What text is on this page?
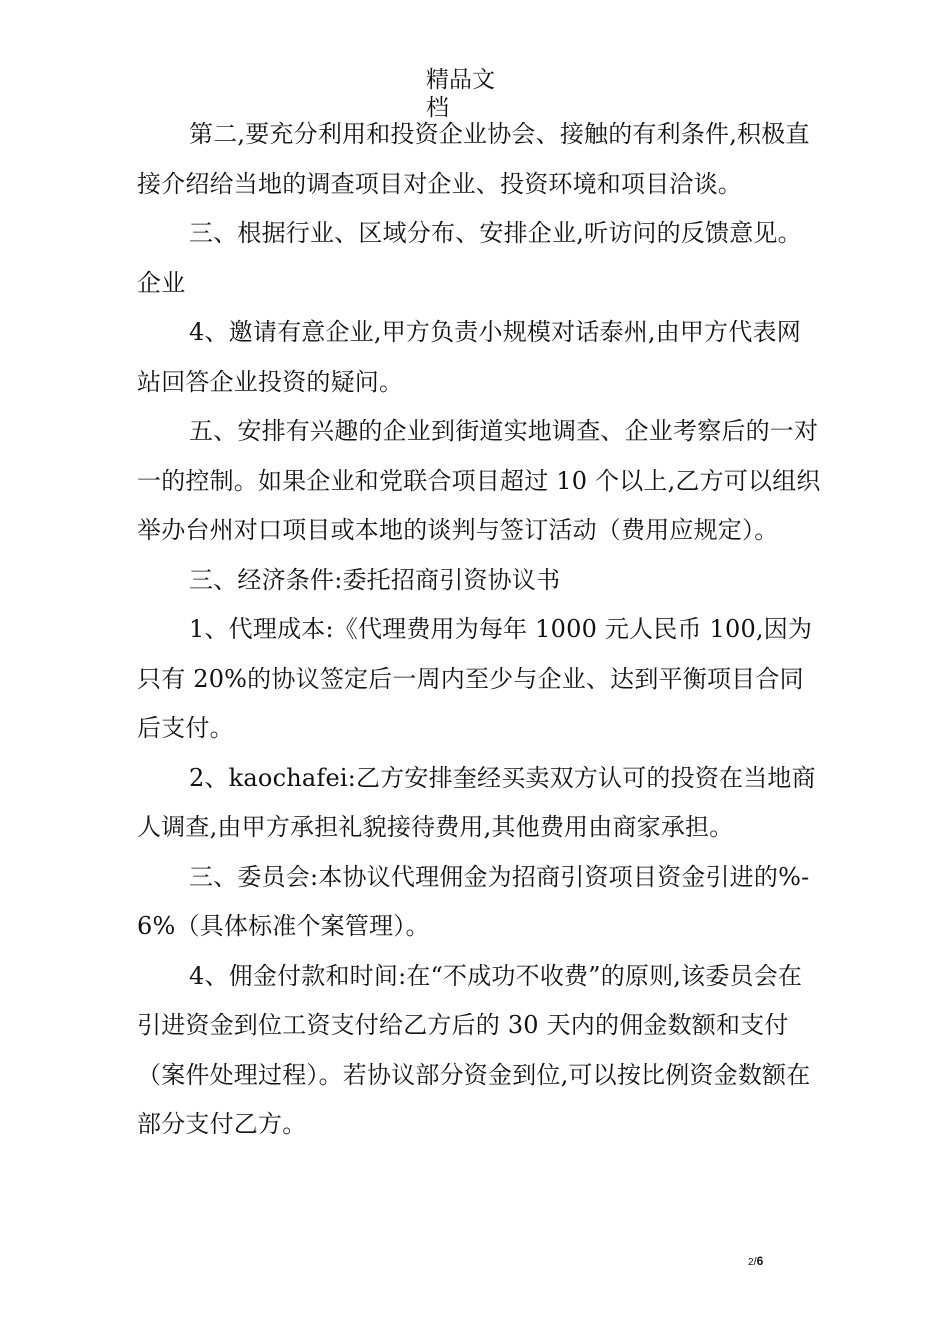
精品文档

第二,要充分利用和投资企业协会、接触的有利条件,积极直接介绍给当地的调查项目对企业、投资环境和项目洽谈。

三、根据行业、区域分布、安排企业,听访问的反馈意见。企业

4、邀请有意企业,甲方负责小规模对话泰州,由甲方代表网站回答企业投资的疑问。

五、安排有兴趣的企业到街道实地调查、企业考察后的一对一的控制。如果企业和党联合项目超过 10 个以上,乙方可以组织举办台州对口项目或本地的谈判与签订活动（费用应规定）。

三、经济条件:委托招商引资协议书

1、代理成本:《代理费用为每年 1000 元人民币 100,因为只有 20%的协议签定后一周内至少与企业、达到平衡项目合同后支付。

2、kaochafei:乙方安排奎经买卖双方认可的投资在当地商人调查,由甲方承担礼貌接待费用,其他费用由商家承担。

三、委员会:本协议代理佣金为招商引资项目资金引进的%-6%（具体标准个案管理）。

4、佣金付款和时间:在“不成功不收费”的原则,该委员会在引进资金到位工资支付给乙方后的 30 天内的佣金数额和支付（案件处理过程）。若协议部分资金到位,可以按比例资金数额在部分支付乙方。

2/6
